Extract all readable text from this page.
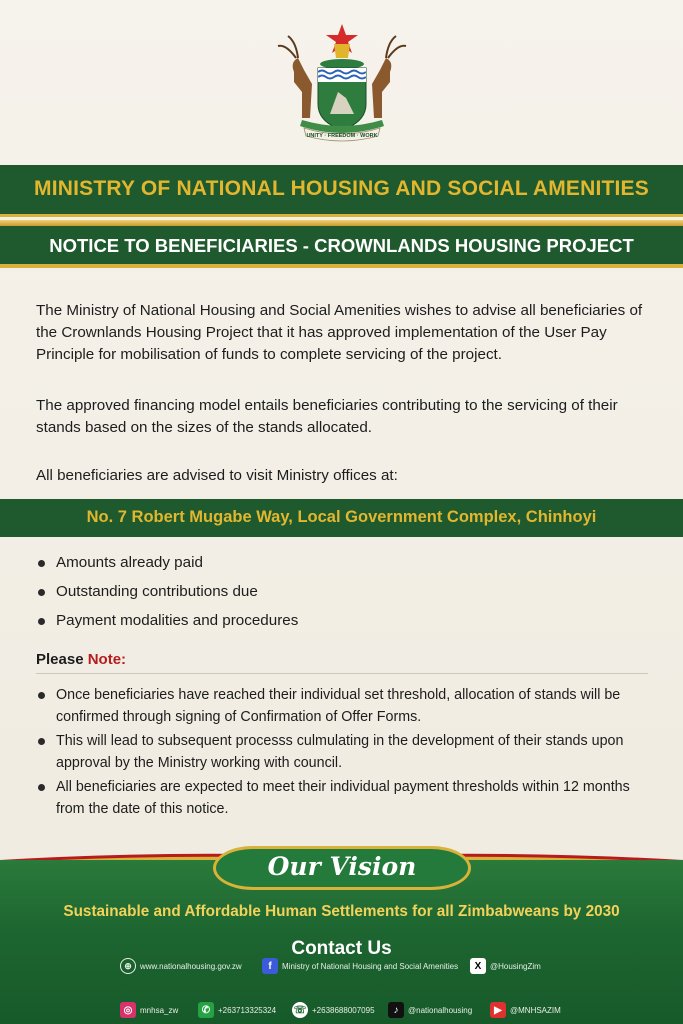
UNITY · FREEDOM · WORK
MINISTRY OF NATIONAL HOUSING AND SOCIAL AMENITIES
NOTICE TO BENEFICIARIES - CROWNLANDS HOUSING PROJECT

The Ministry of National Housing and Social Amenities wishes to advise all beneficiaries of the Crownlands Housing Project that it has approved implementation of the User Pay Principle for mobilisation of funds to complete servicing of the project.

The approved financing model entails beneficiaries contributing to the servicing of their stands based on the sizes of the stands allocated.

All beneficiaries are advised to visit Ministry offices at:

No. 7 Robert Mugabe Way, Local Government Complex, Chinhoyi
Amounts already paid
Outstanding contributions due
Payment modalities and procedures
Please Note:
Once beneficiaries have reached their individual set threshold, allocation of stands will be confirmed through signing of Confirmation of Offer Forms.
This will lead to subsequent processs culmulating in the development of their stands upon approval by the Ministry working with council.
All beneficiaries are expected to meet their individual payment thresholds within 12 months from the date of this notice.
Our Vision
Sustainable and Affordable Human Settlements for all Zimbabweans by 2030
Contact Us
⊕	www.nationalhousing.gov.zw	f	Ministry of National Housing and Social Amenities	X	@HousingZim
◎ mnhsa_zw	✆ +263713325324 ☏ +2638688007095	♪	@nationalhousing	▶	@MNHSAZIM
